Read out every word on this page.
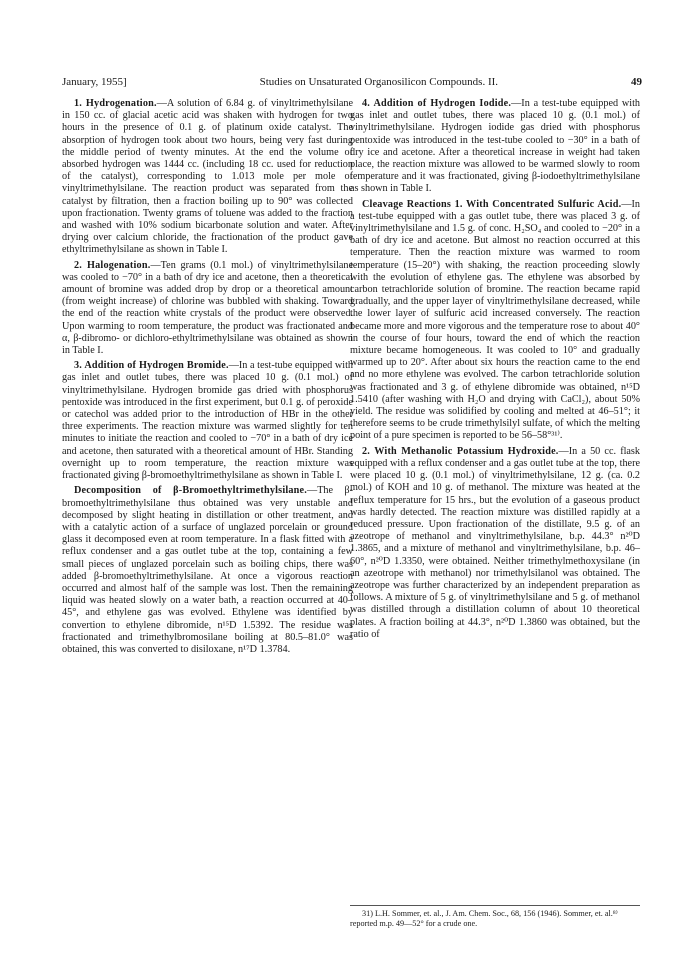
January, 1955]	Studies on Unsaturated Organosilicon Compounds. II.	49

1. Hydrogenation.—A solution of 6.84 g. of vinyltrimethylsilane in 150 cc. of glacial acetic acid was shaken with hydrogen for two hours in the presence of 0.1 g. of platinum oxide catalyst. The absorption of hydrogen took about two hours, being very fast during the middle period of twenty minutes. At the end the volume of absorbed hydrogen was 1444 cc. (including 18 cc. used for reduction of the catalyst), corresponding to 1.013 mole per mole of vinyltrimethylsilane. The reaction product was separated from the catalyst by filtration, then a fraction boiling up to 90° was collected upon fractionation. Twenty grams of toluene was added to the fraction and washed with 10% sodium bicarbonate solution and water. After drying over calcium chloride, the fractionation of the product gave ethyltrimethylsilane as shown in Table I.

2. Halogenation.—Ten grams (0.1 mol.) of vinyltrimethylsilane was cooled to −70° in a bath of dry ice and acetone, then a theoretical amount of bromine was added drop by drop or a theoretical amount (from weight increase) of chlorine was bubbled with shaking. Toward the end of the reaction white crystals of the product were observed. Upon warming to room temperature, the product was fractionated and α, β-dibromo- or dichloro-ethyltrimethylsilane was obtained as shown in Table I.

3. Addition of Hydrogen Bromide.—In a test-tube equipped with gas inlet and outlet tubes, there was placed 10 g. (0.1 mol.) of vinyltrimethylsilane. Hydrogen bromide gas dried with phosphorus pentoxide was introduced in the first experiment, but 0.1 g. of peroxide or catechol was added prior to the introduction of HBr in the other three experiments. The reaction mixture was warmed slightly for ten minutes to initiate the reaction and cooled to −70° in a bath of dry ice and acetone, then saturated with a theoretical amount of HBr. Standing overnight up to room temperature, the reaction mixture was fractionated giving β-bromoethyltrimethylsilane as shown in Table I.

Decomposition of β-Bromoethyltrimethylsilane.—The β-bromoethyltrimethylsilane thus obtained was very unstable and decomposed by slight heating in distillation or other treatment, and with a catalytic action of a surface of unglazed porcelain or ground glass it decomposed even at room temperature. In a flask fitted with a reflux condenser and a gas outlet tube at the top, containing a few small pieces of unglazed porcelain such as boiling chips, there was added β-bromoethyltrimethylsilane. At once a vigorous reaction occurred and almost half of the sample was lost. Then the remaining liquid was heated slowly on a water bath, a reaction occurred at 40–45°, and ethylene gas was evolved. Ethylene was identified by convertion to ethylene dibromide, n¹⁵D 1.5392. The residue was fractionated and trimethylbromosilane boiling at 80.5–81.0° was obtained, this was converted to disiloxane, n¹⁷D 1.3784.

4. Addition of Hydrogen Iodide.—In a test-tube equipped with gas inlet and outlet tubes, there was placed 10 g. (0.1 mol.) of vinyltrimethylsilane. Hydrogen iodide gas dried with phosphorus pentoxide was introduced in the test-tube cooled to −30° in a bath of dry ice and acetone. After a theoretical increase in weight had taken place, the reaction mixture was allowed to be warmed slowly to room temperature and it was fractionated, giving β-iodoethyltrimethylsilane as shown in Table I.

Cleavage Reactions 1. With Concentrated Sulfuric Acid.—In a test-tube equipped with a gas outlet tube, there was placed 3 g. of vinyltrimethylsilane and 1.5 g. of conc. H₂SO₄ and cooled to −20° in a bath of dry ice and acetone. But almost no reaction occurred at this temperature. Then the reaction mixture was warmed to room temperature (15–20°) with shaking, the reaction proceeding slowly with the evolution of ethylene gas. The ethylene was absorbed by carbon tetrachloride solution of bromine. The reaction became rapid gradually, and the upper layer of vinyltrimethylsilane decreased, while the lower layer of sulfuric acid increased conversely. The reaction became more and more vigorous and the temperature rose to about 40° in the course of four hours, toward the end of which the reaction mixture became homogeneous. It was cooled to 10° and gradually warmed up to 20°. After about six hours the reaction came to the end and no more ethylene was evolved. The carbon tetrachloride solution was fractionated and 3 g. of ethylene dibromide was obtained, n¹⁵D 1.5410 (after washing with H₂O and drying with CaCl₂), about 50% yield. The residue was solidified by cooling and melted at 46–51°; it therefore seems to be crude trimethylsilyl sulfate, of which the melting point of a pure specimen is reported to be 56–58°³¹⁾.

2. With Methanolic Potassium Hydroxide.—In a 50 cc. flask equipped with a reflux condenser and a gas outlet tube at the top, there were placed 10 g. (0.1 mol.) of vinyltrimethylsilane, 12 g. (ca. 0.2 mol.) of KOH and 10 g. of methanol. The mixture was heated at the reflux temperature for 15 hrs., but the evolution of a gaseous product was hardly detected. The reaction mixture was distilled rapidly at a reduced pressure. Upon fractionation of the distillate, 9.5 g. of an azeotrope of methanol and vinyltrimethylsilane, b.p. 44.3° n²⁰D 1.3865, and a mixture of methanol and vinyltrimethylsilane, b.p. 46–60°, n²⁰D 1.3350, were obtained. Neither trimethylmethoxysilane (in an azeotrope with methanol) nor trimethylsilanol was obtained. The azeotrope was further characterized by an independent preparation as follows. A mixture of 5 g. of vinyltrimethylsilane and 5 g. of methanol was distilled through a distillation column of about 10 theoretical plates. A fraction boiling at 44.3°, n²⁰D 1.3860 was obtained, but the ratio of

31) L.H. Sommer, et. al., J. Am. Chem. Soc., 68, 156 (1946). Sommer, et. al.⁸⁾ reported m.p. 49—52° for a crude one.
